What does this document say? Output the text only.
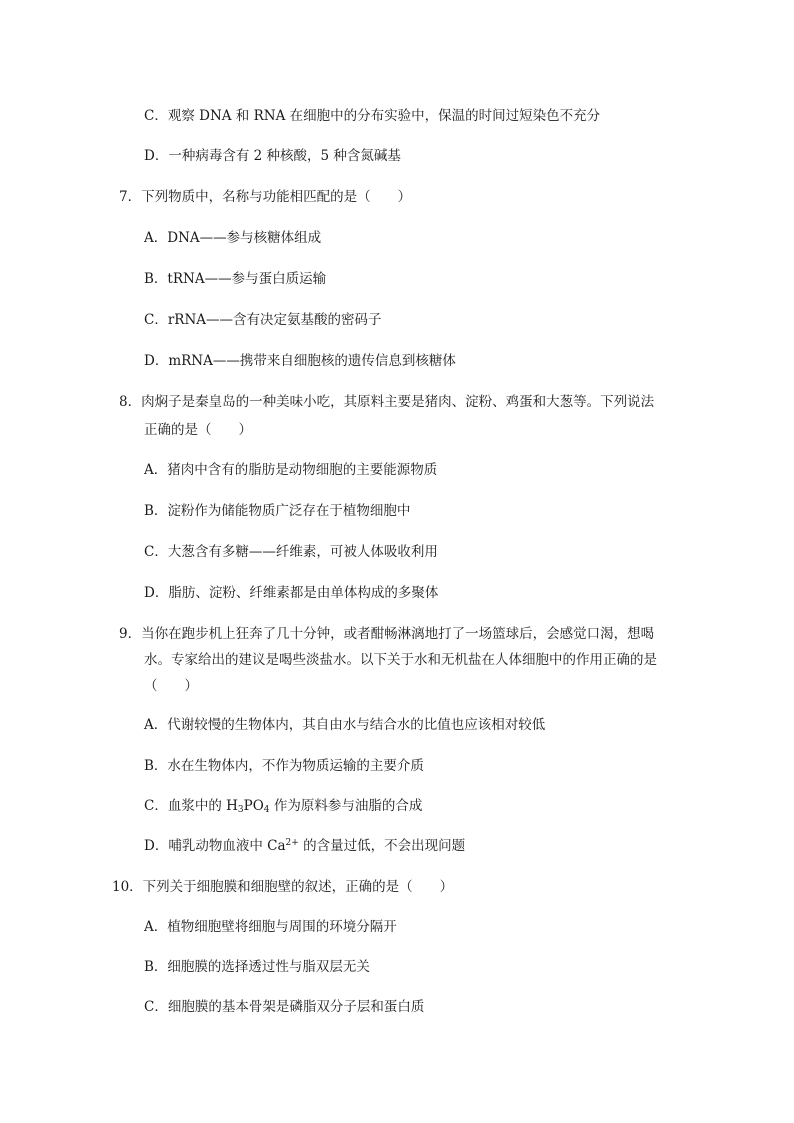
C．观察 DNA 和 RNA 在细胞中的分布实验中，保温的时间过短染色不充分
D．一种病毒含有 2 种核酸，5 种含氮碱基
7．下列物质中，名称与功能相匹配的是（　　）
A．DNA——参与核糖体组成
B．tRNA——参与蛋白质运输
C．rRNA——含有决定氨基酸的密码子
D．mRNA——携带来自细胞核的遗传信息到核糖体
8．肉焖子是秦皇岛的一种美味小吃，其原料主要是猪肉、淀粉、鸡蛋和大葱等。下列说法
正确的是（　　）
A．猪肉中含有的脂肪是动物细胞的主要能源物质
B．淀粉作为储能物质广泛存在于植物细胞中
C．大葱含有多糖——纤维素，可被人体吸收利用
D．脂肪、淀粉、纤维素都是由单体构成的多聚体
9．当你在跑步机上狂奔了几十分钟，或者酣畅淋漓地打了一场篮球后，会感觉口渴，想喝
水。专家给出的建议是喝些淡盐水。以下关于水和无机盐在人体细胞中的作用正确的是
（　　）
A．代谢较慢的生物体内，其自由水与结合水的比值也应该相对较低
B．水在生物体内，不作为物质运输的主要介质
C．血浆中的 $H_3PO_4$ 作为原料参与油脂的合成
D．哺乳动物血液中 $Ca^{2+}$ 的含量过低，不会出现问题
10．下列关于细胞膜和细胞壁的叙述，正确的是（　　）
A．植物细胞壁将细胞与周围的环境分隔开
B．细胞膜的选择透过性与脂双层无关
C．细胞膜的基本骨架是磷脂双分子层和蛋白质
